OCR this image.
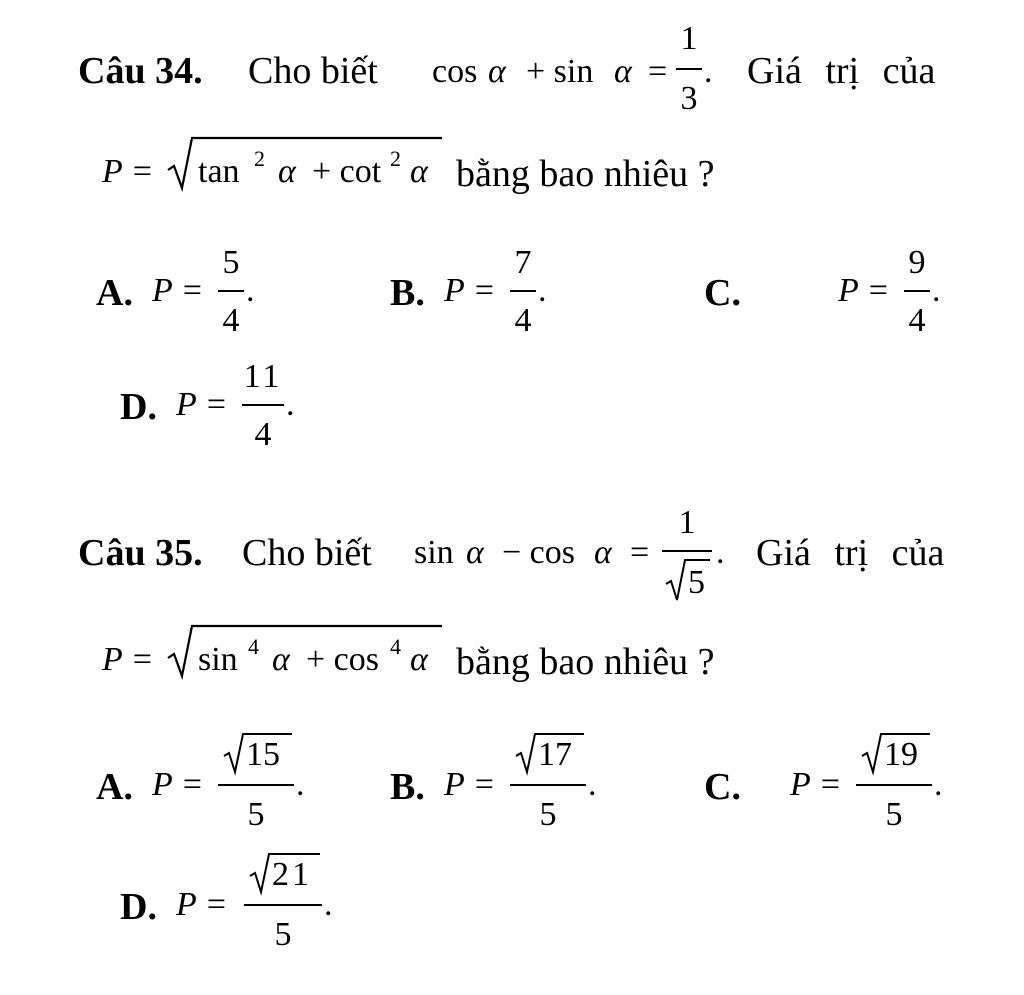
Câu 34. Cho biết cos α + sin α =
1
3
. Giá trị của
P = tan 2 α + cot 2 α bằng bao nhiêu ?
A. P =
5
4
.	B. P =
7
4
.	C.	P =
9
4
.
D. P =
11
4
.
Câu 35. Cho biết sin α − cos α =
1
5
. Giá trị của
P = sin 4 α + cos 4 α bằng bao nhiêu ?
A. P =
15
5
. B. P =
17
5
.	C. P =
19
5
.
D. P =
21
5
.
